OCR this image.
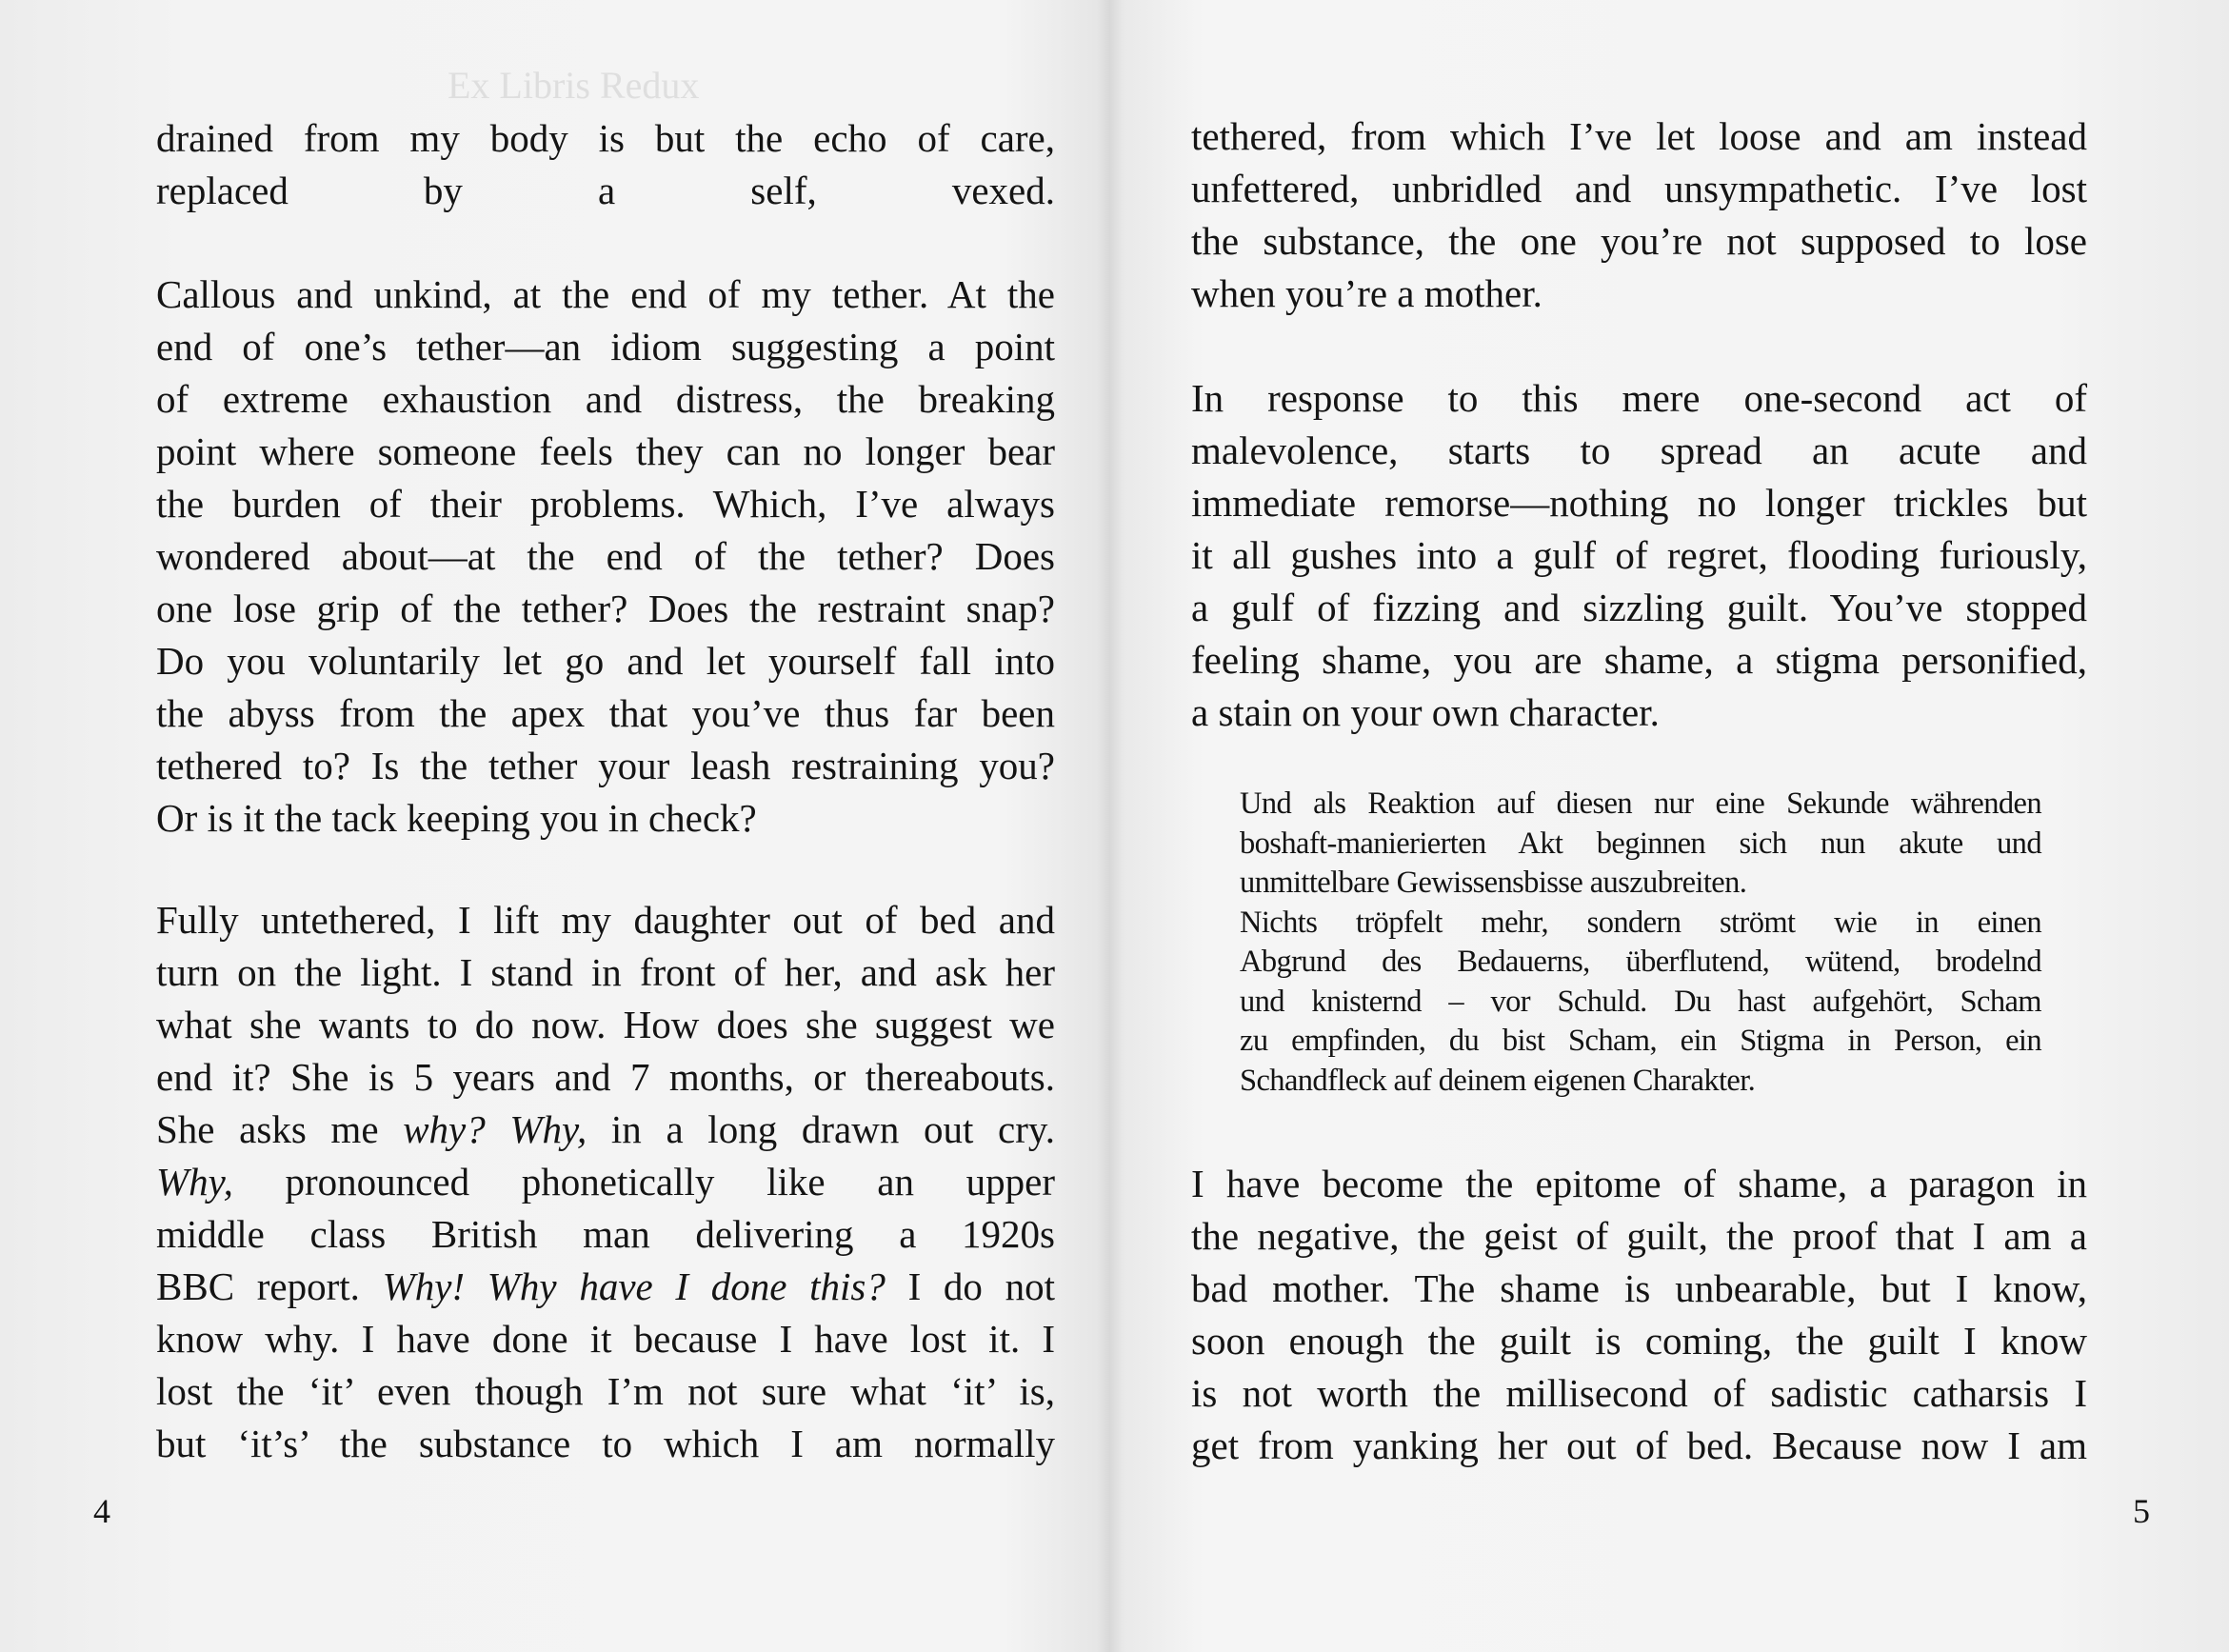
Ex Libris Redux
drained from my body is but the echo of care,
replaced by a self, vexed.
Callous and unkind, at the end of my tether. At the
end of one’s tether—an idiom suggesting a point
of extreme exhaustion and distress, the breaking
point where someone feels they can no longer bear
the burden of their problems. Which, I’ve always
wondered about—at the end of the tether? Does
one lose grip of the tether? Does the restraint snap?
Do you voluntarily let go and let yourself fall into
the abyss from the apex that you’ve thus far been
tethered to? Is the tether your leash restraining you?
Or is it the tack keeping you in check?
Fully untethered, I lift my daughter out of bed and
turn on the light. I stand in front of her, and ask her
what she wants to do now. How does she suggest we
end it? She is 5 years and 7 months, or thereabouts.
She asks me why? Why, in a long drawn out cry.
Why, pronounced phonetically like an upper
middle class British man delivering a 1920s
BBC report. Why! Why have I done this? I do not
know why. I have done it because I have lost it. I
lost the ‘it’ even though I’m not sure what ‘it’ is,
but ‘it’s’ the substance to which I am normally
4
tethered, from which I’ve let loose and am instead
unfettered, unbridled and unsympathetic. I’ve lost
the substance, the one you’re not supposed to lose
when you’re a mother.
In response to this mere one-second act of
malevolence, starts to spread an acute and
immediate remorse—nothing no longer trickles but
it all gushes into a gulf of regret, flooding furiously,
a gulf of fizzing and sizzling guilt. You’ve stopped
feeling shame, you are shame, a stigma personified,
a stain on your own character.
Und als Reaktion auf diesen nur eine Sekunde währenden
boshaft-manierierten Akt beginnen sich nun akute und
unmittelbare Gewissensbisse auszubreiten.
Nichts tröpfelt mehr, sondern strömt wie in einen
Abgrund des Bedauerns, überflutend, wütend, brodelnd
und knisternd – vor Schuld. Du hast aufgehört, Scham
zu empfinden, du bist Scham, ein Stigma in Person, ein
Schandfleck auf deinem eigenen Charakter.
I have become the epitome of shame, a paragon in
the negative, the geist of guilt, the proof that I am a
bad mother. The shame is unbearable, but I know,
soon enough the guilt is coming, the guilt I know
is not worth the millisecond of sadistic catharsis I
get from yanking her out of bed. Because now I am
5
